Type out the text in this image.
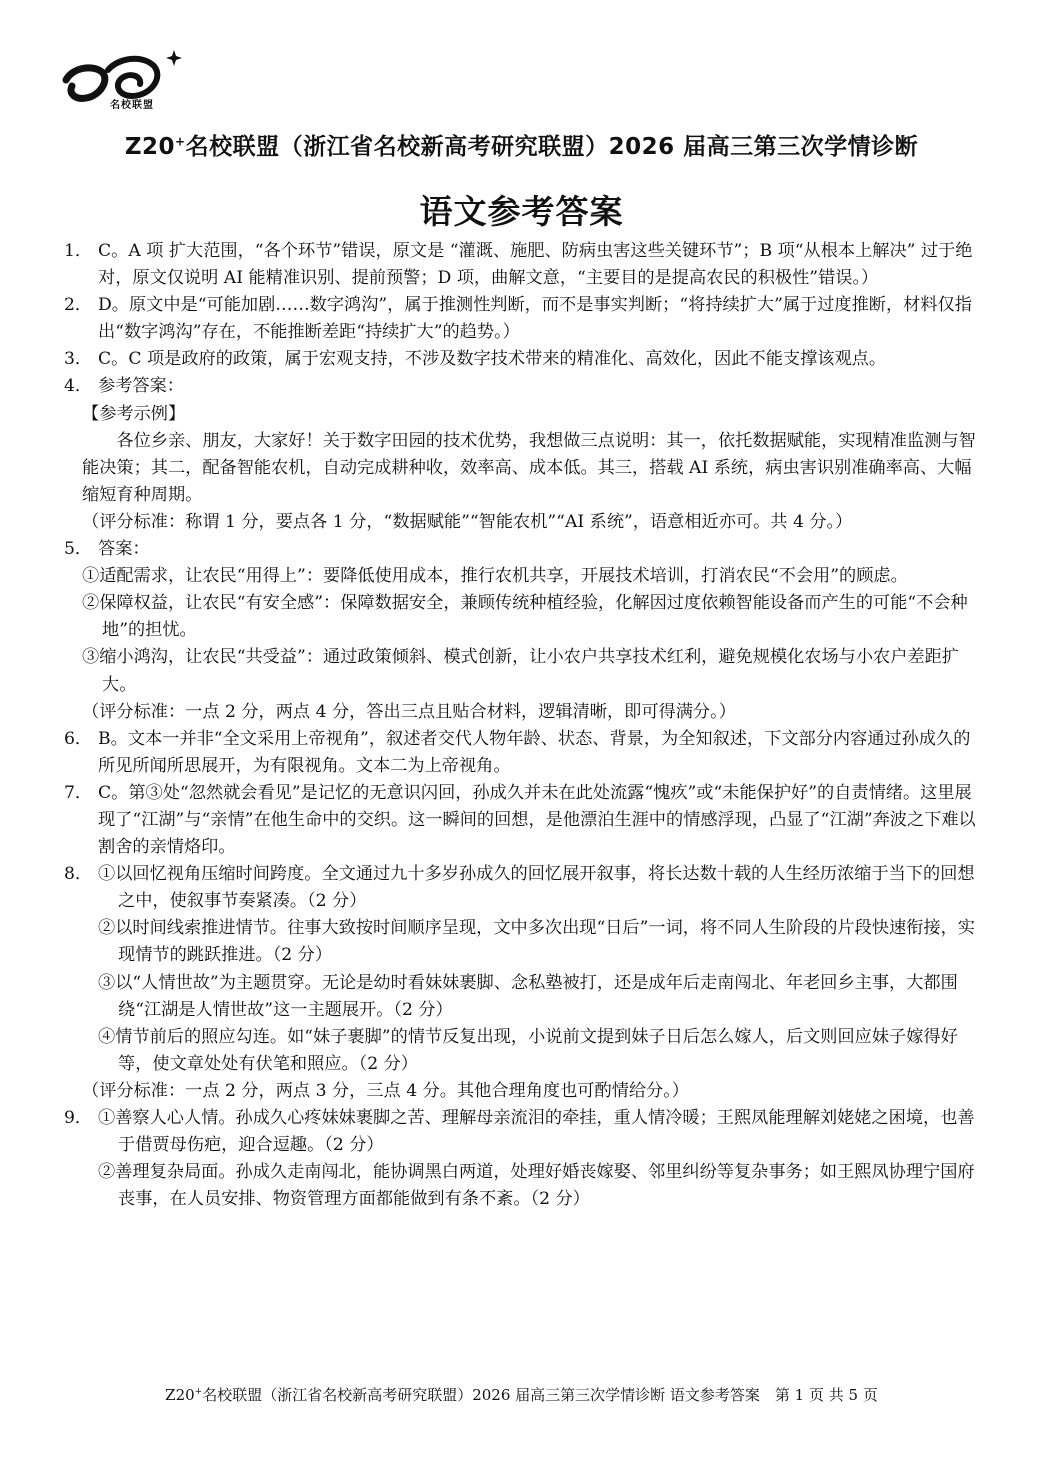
名校联盟
Z20+名校联盟（浙江省名校新高考研究联盟）2026 届高三第三次学情诊断
语文参考答案
1． C。A 项 扩大范围，“各个环节”错误，原文是 “灌溉、施肥、防病虫害这些关键环节”；B 项“从根本上解决” 过于绝对，原文仅说明 AI 能精准识别、提前预警；D 项，曲解文意，“主要目的是提高农民的积极性”错误。）
2． D。原文中是“可能加剧……数字鸿沟”，属于推测性判断，而不是事实判断；“将持续扩大”属于过度推断，材料仅指出“数字鸿沟”存在，不能推断差距“持续扩大”的趋势。）
3． C。C 项是政府的政策，属于宏观支持，不涉及数字技术带来的精准化、高效化，因此不能支撑该观点。
4． 参考答案：

【参考示例】

各位乡亲、朋友，大家好！关于数字田园的技术优势，我想做三点说明：其一，依托数据赋能，实现精准监测与智能决策；其二，配备智能农机，自动完成耕种收，效率高、成本低。其三，搭载 AI 系统，病虫害识别准确率高、大幅缩短育种周期。

（评分标准：称谓 1 分，要点各 1 分，“数据赋能”“智能农机”“AI 系统”，语意相近亦可。共 4 分。）

5． 答案：

①适配需求，让农民“用得上”：要降低使用成本，推行农机共享，开展技术培训，打消农民“不会用”的顾虑。

②保障权益，让农民“有安全感”：保障数据安全，兼顾传统种植经验，化解因过度依赖智能设备而产生的可能“不会种地”的担忧。

③缩小鸿沟，让农民“共受益”：通过政策倾斜、模式创新，让小农户共享技术红利，避免规模化农场与小农户差距扩大。

（评分标准：一点 2 分，两点 4 分，答出三点且贴合材料，逻辑清晰，即可得满分。）

6． B。文本一并非“全文采用上帝视角”，叙述者交代人物年龄、状态、背景，为全知叙述，下文部分内容通过孙成久的所见所闻所思展开，为有限视角。文本二为上帝视角。
7． C。第③处“忽然就会看见”是记忆的无意识闪回，孙成久并未在此处流露“愧疚”或“未能保护好”的自责情绪。这里展现了“江湖”与“亲情”在他生命中的交织。这一瞬间的回想，是他漂泊生涯中的情感浮现，凸显了“江湖”奔波之下难以割舍的亲情烙印。
8． ①以回忆视角压缩时间跨度。全文通过九十多岁孙成久的回忆展开叙事，将长达数十载的人生经历浓缩于当下的回想之中，使叙事节奏紧凑。（2 分）

②以时间线索推进情节。往事大致按时间顺序呈现，文中多次出现“日后”一词，将不同人生阶段的片段快速衔接，实现情节的跳跃推进。（2 分）

③以“人情世故”为主题贯穿。无论是幼时看妹妹裹脚、念私塾被打，还是成年后走南闯北、年老回乡主事，大都围绕“江湖是人情世故”这一主题展开。（2 分）

④情节前后的照应勾连。如“妹子裹脚”的情节反复出现，小说前文提到妹子日后怎么嫁人，后文则回应妹子嫁得好等，使文章处处有伏笔和照应。（2 分）

（评分标准：一点 2 分，两点 3 分，三点 4 分。其他合理角度也可酌情给分。）

9． ①善察人心人情。孙成久心疼妹妹裹脚之苦、理解母亲流泪的牵挂，重人情冷暖；王熙凤能理解刘姥姥之困境，也善于借贾母伤疤，迎合逗趣。（2 分）

②善理复杂局面。孙成久走南闯北，能协调黑白两道，处理好婚丧嫁娶、邻里纠纷等复杂事务；如王熙凤协理宁国府丧事，在人员安排、物资管理方面都能做到有条不紊。（2 分）

Z20+名校联盟（浙江省名校新高考研究联盟）2026 届高三第三次学情诊断 语文参考答案　第 1 页 共 5 页
